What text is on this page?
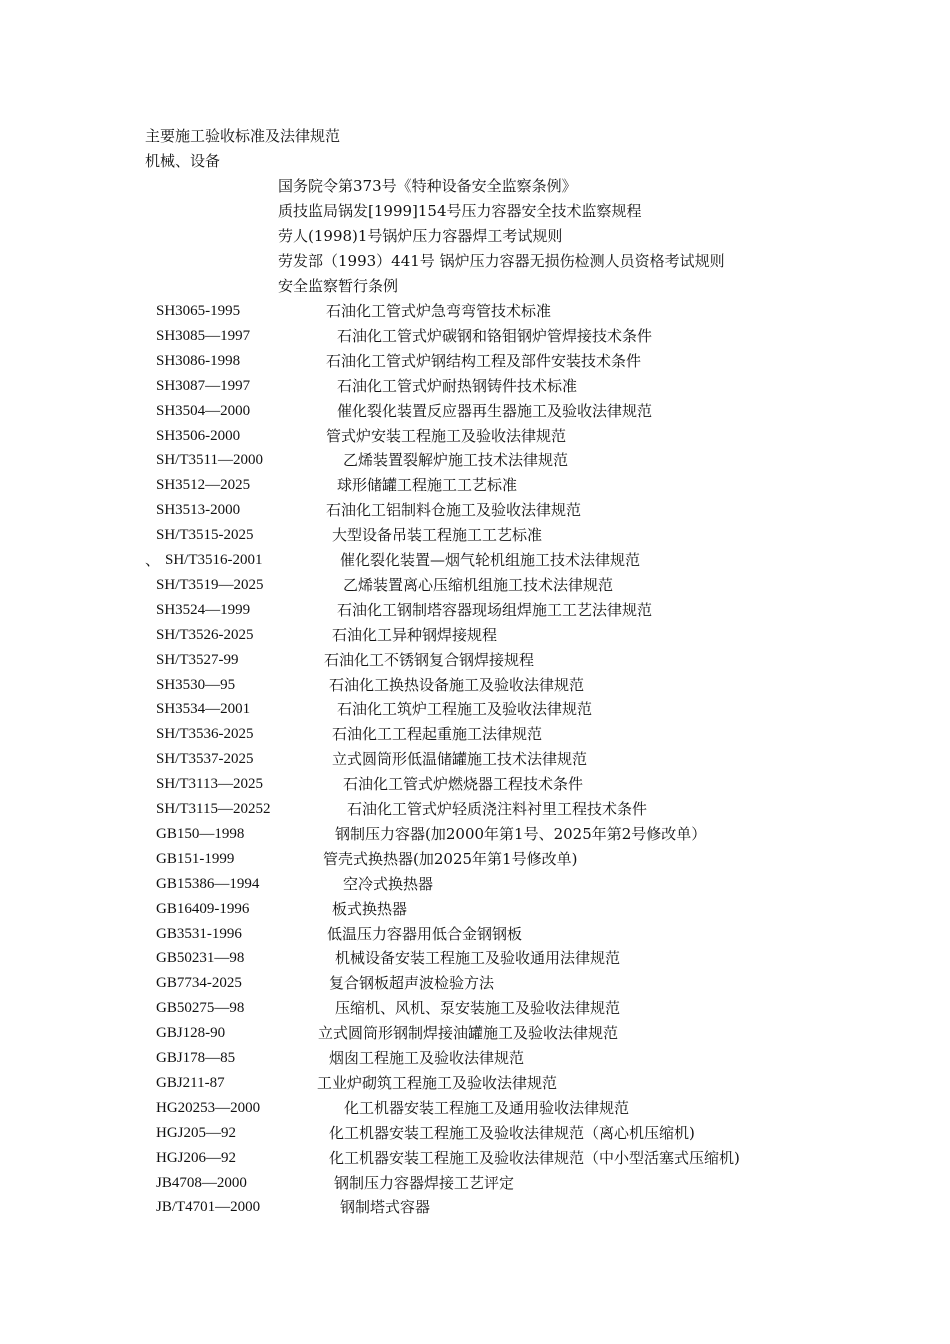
主要施工验收标准及法律规范
机械、设备
国务院令第373号《特种设备安全监察条例》
质技监局锅发[1999]154号压力容器安全技术监察规程
劳人(1998)1号锅炉压力容器焊工考试规则
劳发部（1993）441号 锅炉压力容器无损伤检测人员资格考试规则
安全监察暂行条例
SH3065-1995	石油化工管式炉急弯弯管技术标准
SH3085—1997	石油化工管式炉碳钢和铬钼钢炉管焊接技术条件
SH3086-1998	石油化工管式炉钢结构工程及部件安装技术条件
SH3087—1997	石油化工管式炉耐热钢铸件技术标准
SH3504—2000	催化裂化装置反应器再生器施工及验收法律规范
SH3506-2000	管式炉安装工程施工及验收法律规范
SH/T3511—2000	乙烯装置裂解炉施工技术法律规范
SH3512—2025	球形储罐工程施工工艺标准
SH3513-2000	石油化工铝制料仓施工及验收法律规范
SH/T3515-2025	大型设备吊装工程施工工艺标准
、 SH/T3516-2001	催化裂化装置—烟气轮机组施工技术法律规范
SH/T3519—2025	乙烯装置离心压缩机组施工技术法律规范
SH3524—1999	石油化工钢制塔容器现场组焊施工工艺法律规范
SH/T3526-2025	石油化工异种钢焊接规程
SH/T3527-99	石油化工不锈钢复合钢焊接规程
SH3530—95	石油化工换热设备施工及验收法律规范
SH3534—2001	石油化工筑炉工程施工及验收法律规范
SH/T3536-2025	石油化工工程起重施工法律规范
SH/T3537-2025	立式圆筒形低温储罐施工技术法律规范
SH/T3113—2025	石油化工管式炉燃烧器工程技术条件
SH/T3115—20252	石油化工管式炉轻质浇注料衬里工程技术条件
GB150—1998	钢制压力容器(加2000年第1号、2025年第2号修改单）
GB151-1999	管壳式换热器(加2025年第1号修改单)
GB15386—1994	空冷式换热器
GB16409-1996	板式换热器
GB3531-1996	低温压力容器用低合金钢钢板
GB50231—98	机械设备安装工程施工及验收通用法律规范
GB7734-2025	复合钢板超声波检验方法
GB50275—98	压缩机、风机、泵安装施工及验收法律规范
GBJ128-90	立式圆筒形钢制焊接油罐施工及验收法律规范
GBJ178—85	烟囱工程施工及验收法律规范
GBJ211-87	工业炉砌筑工程施工及验收法律规范
HG20253—2000	化工机器安装工程施工及通用验收法律规范
HGJ205—92	化工机器安装工程施工及验收法律规范（离心机压缩机)
HGJ206—92	化工机器安装工程施工及验收法律规范（中小型活塞式压缩机)
JB4708—2000	钢制压力容器焊接工艺评定
JB/T4701—2000	钢制塔式容器
